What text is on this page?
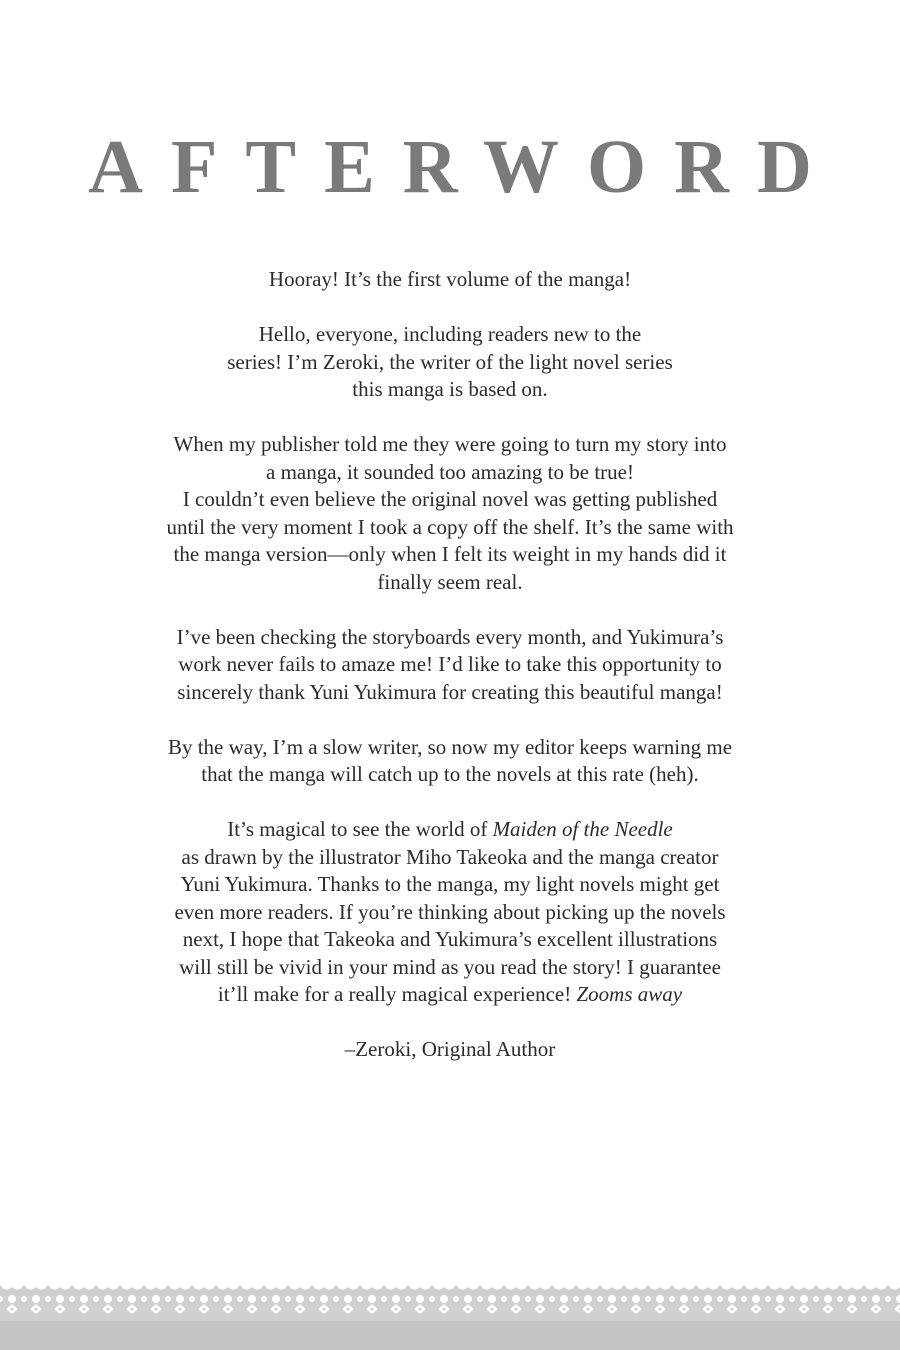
AFTERWORD

Hooray! It’s the first volume of the manga!

Hello, everyone, including readers new to the
series! I’m Zeroki, the writer of the light novel series
this manga is based on.

When my publisher told me they were going to turn my story into
a manga, it sounded too amazing to be true!
I couldn’t even believe the original novel was getting published
until the very moment I took a copy off the shelf. It’s the same with
the manga version—only when I felt its weight in my hands did it
finally seem real.

I’ve been checking the storyboards every month, and Yukimura’s
work never fails to amaze me! I’d like to take this opportunity to
sincerely thank Yuni Yukimura for creating this beautiful manga!

By the way, I’m a slow writer, so now my editor keeps warning me
that the manga will catch up to the novels at this rate (heh).

It’s magical to see the world of Maiden of the Needle
as drawn by the illustrator Miho Takeoka and the manga creator
Yuni Yukimura. Thanks to the manga, my light novels might get
even more readers. If you’re thinking about picking up the novels
next, I hope that Takeoka and Yukimura’s excellent illustrations
will still be vivid in your mind as you read the story! I guarantee
it’ll make for a really magical experience! Zooms away

–Zeroki, Original Author
